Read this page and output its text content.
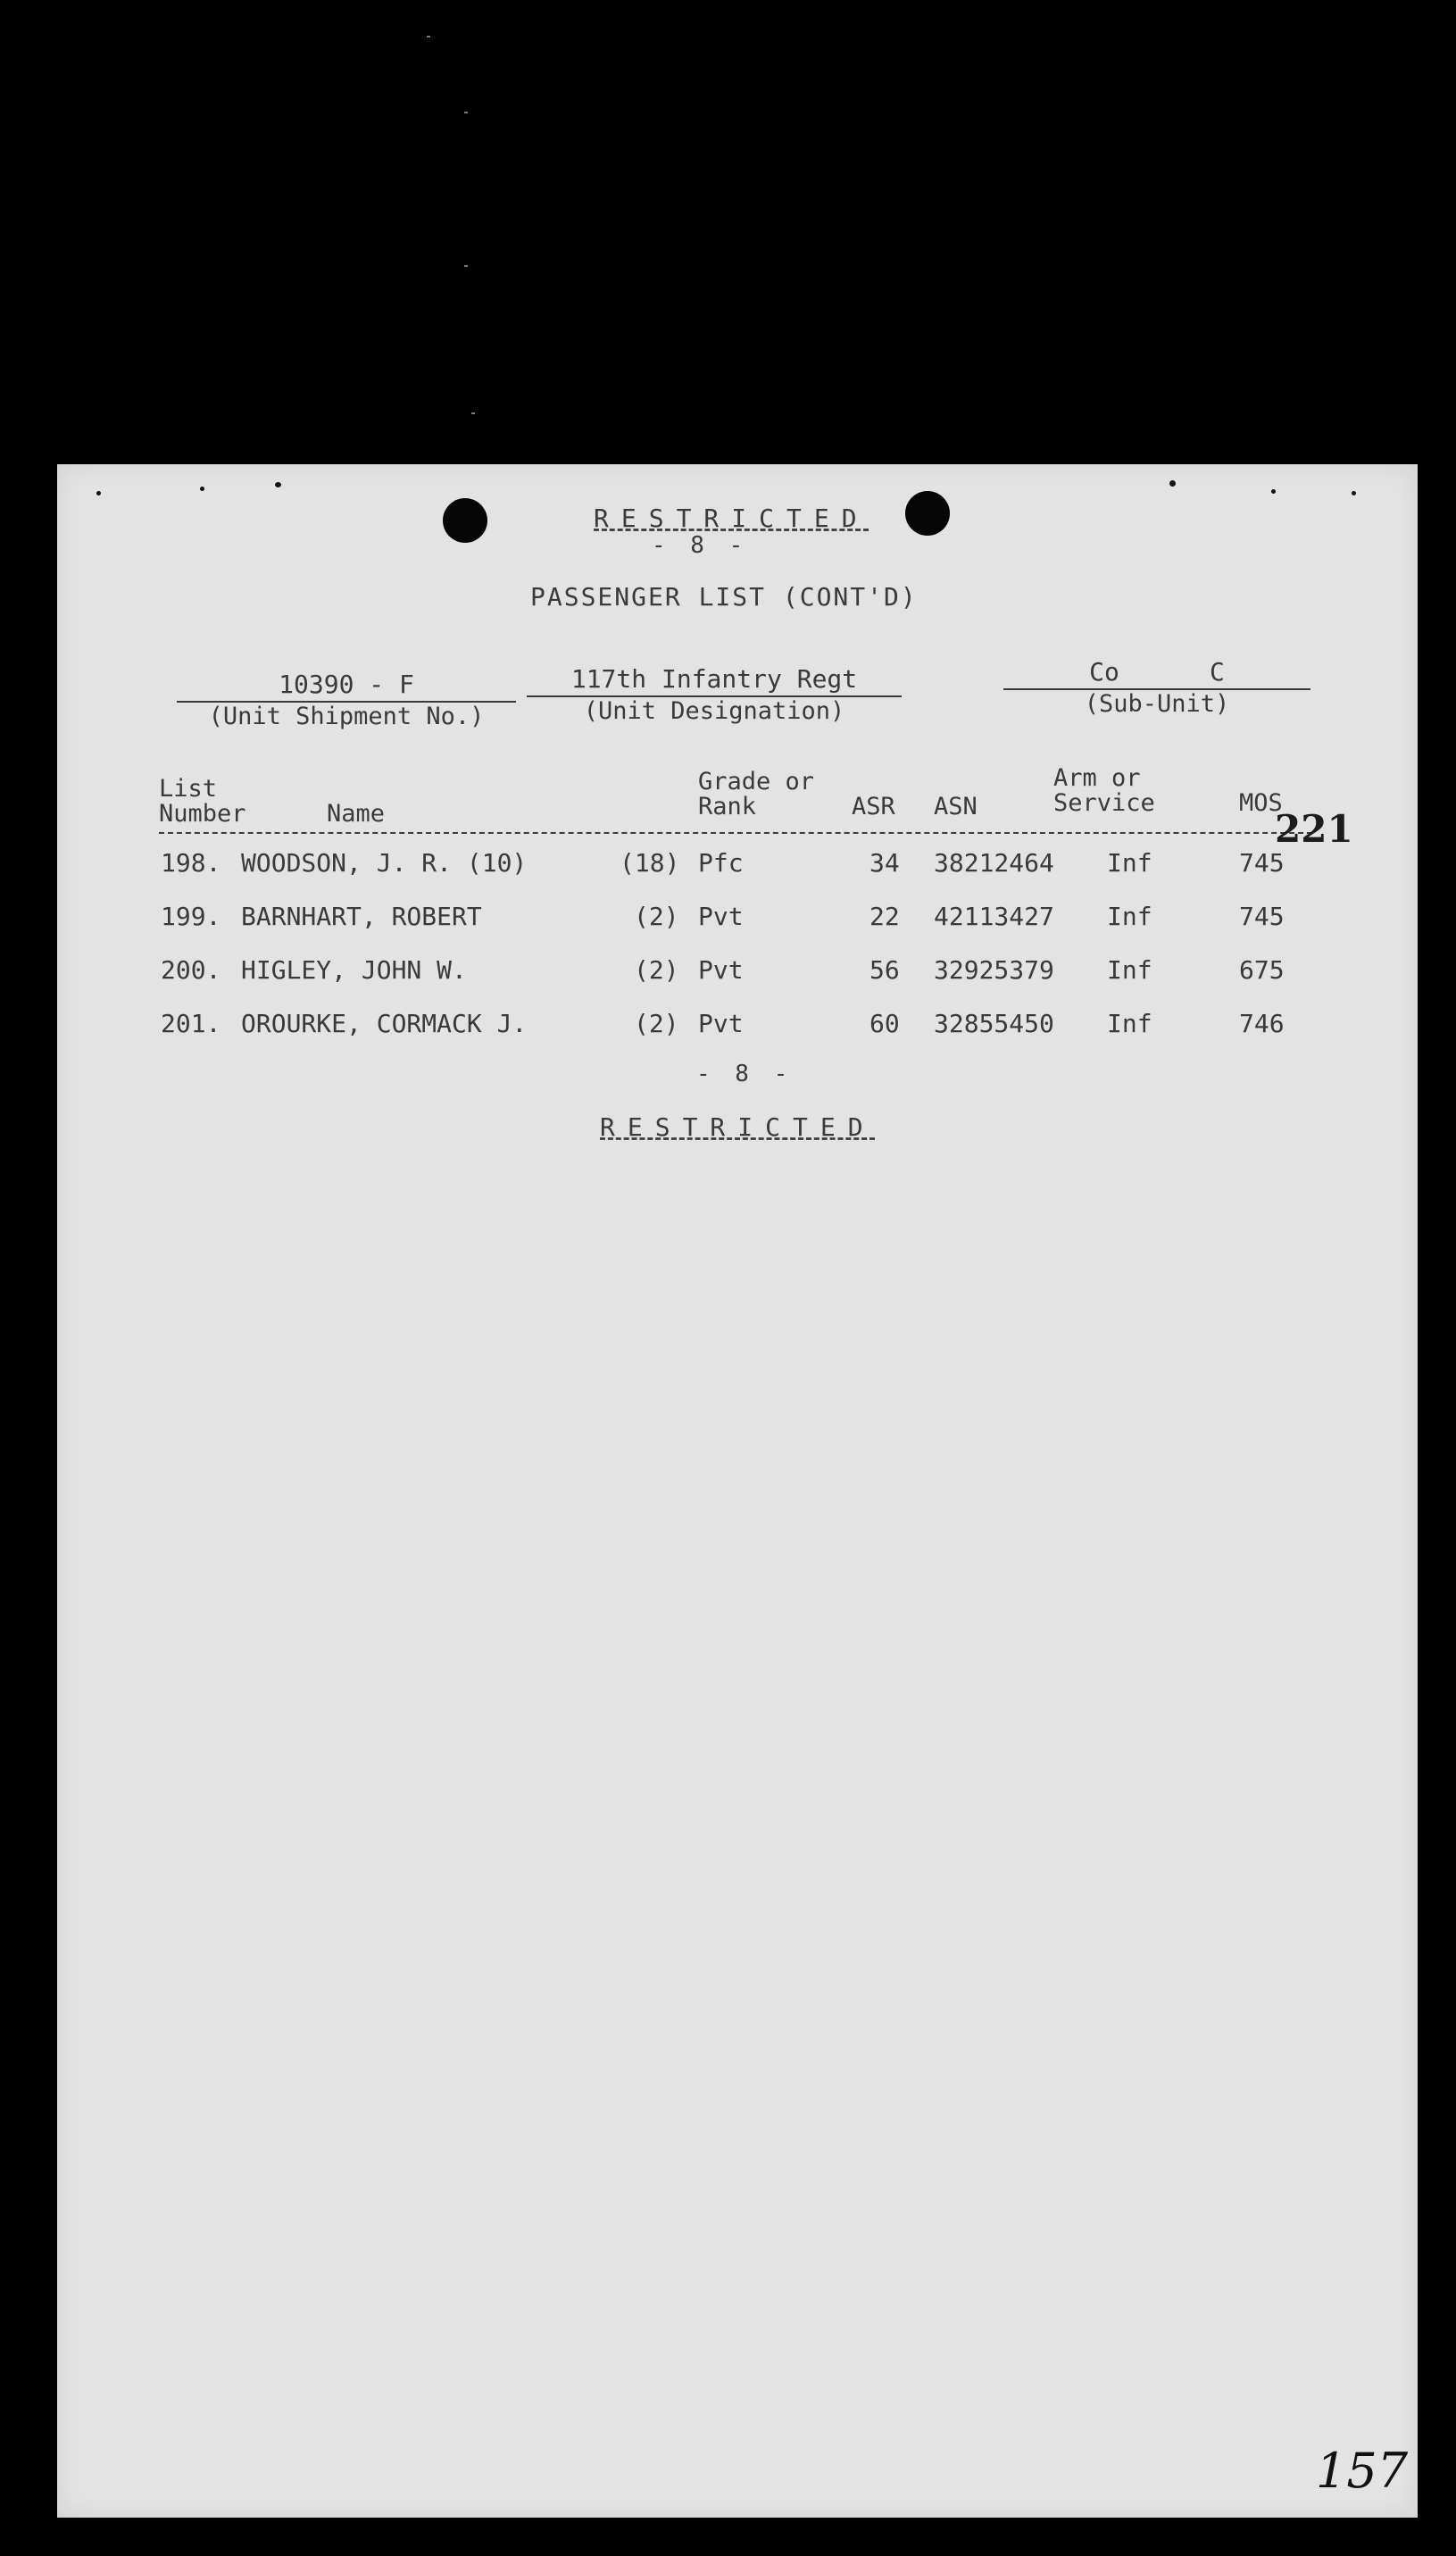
RESTRICTED
- 8 -
PASSENGER LIST (CONT'D)
10390 - F
(Unit Shipment No.)
117th Infantry Regt
(Unit Designation)
Co      C
(Sub-Unit)
List
Number	Name
Grade or
Rank	ASR ASN
Arm or
Service	MOS
221
198. WOODSON, J. R. (10)	(18) Pfc	34 38212464 Inf	745
199. BARNHART, ROBERT	(2) Pvt	22 42113427 Inf	745
200. HIGLEY, JOHN W.	(2) Pvt	56 32925379 Inf	675
201. OROURKE, CORMACK J.	(2) Pvt	60 32855450 Inf	746
- 8 -
RESTRICTED
157
